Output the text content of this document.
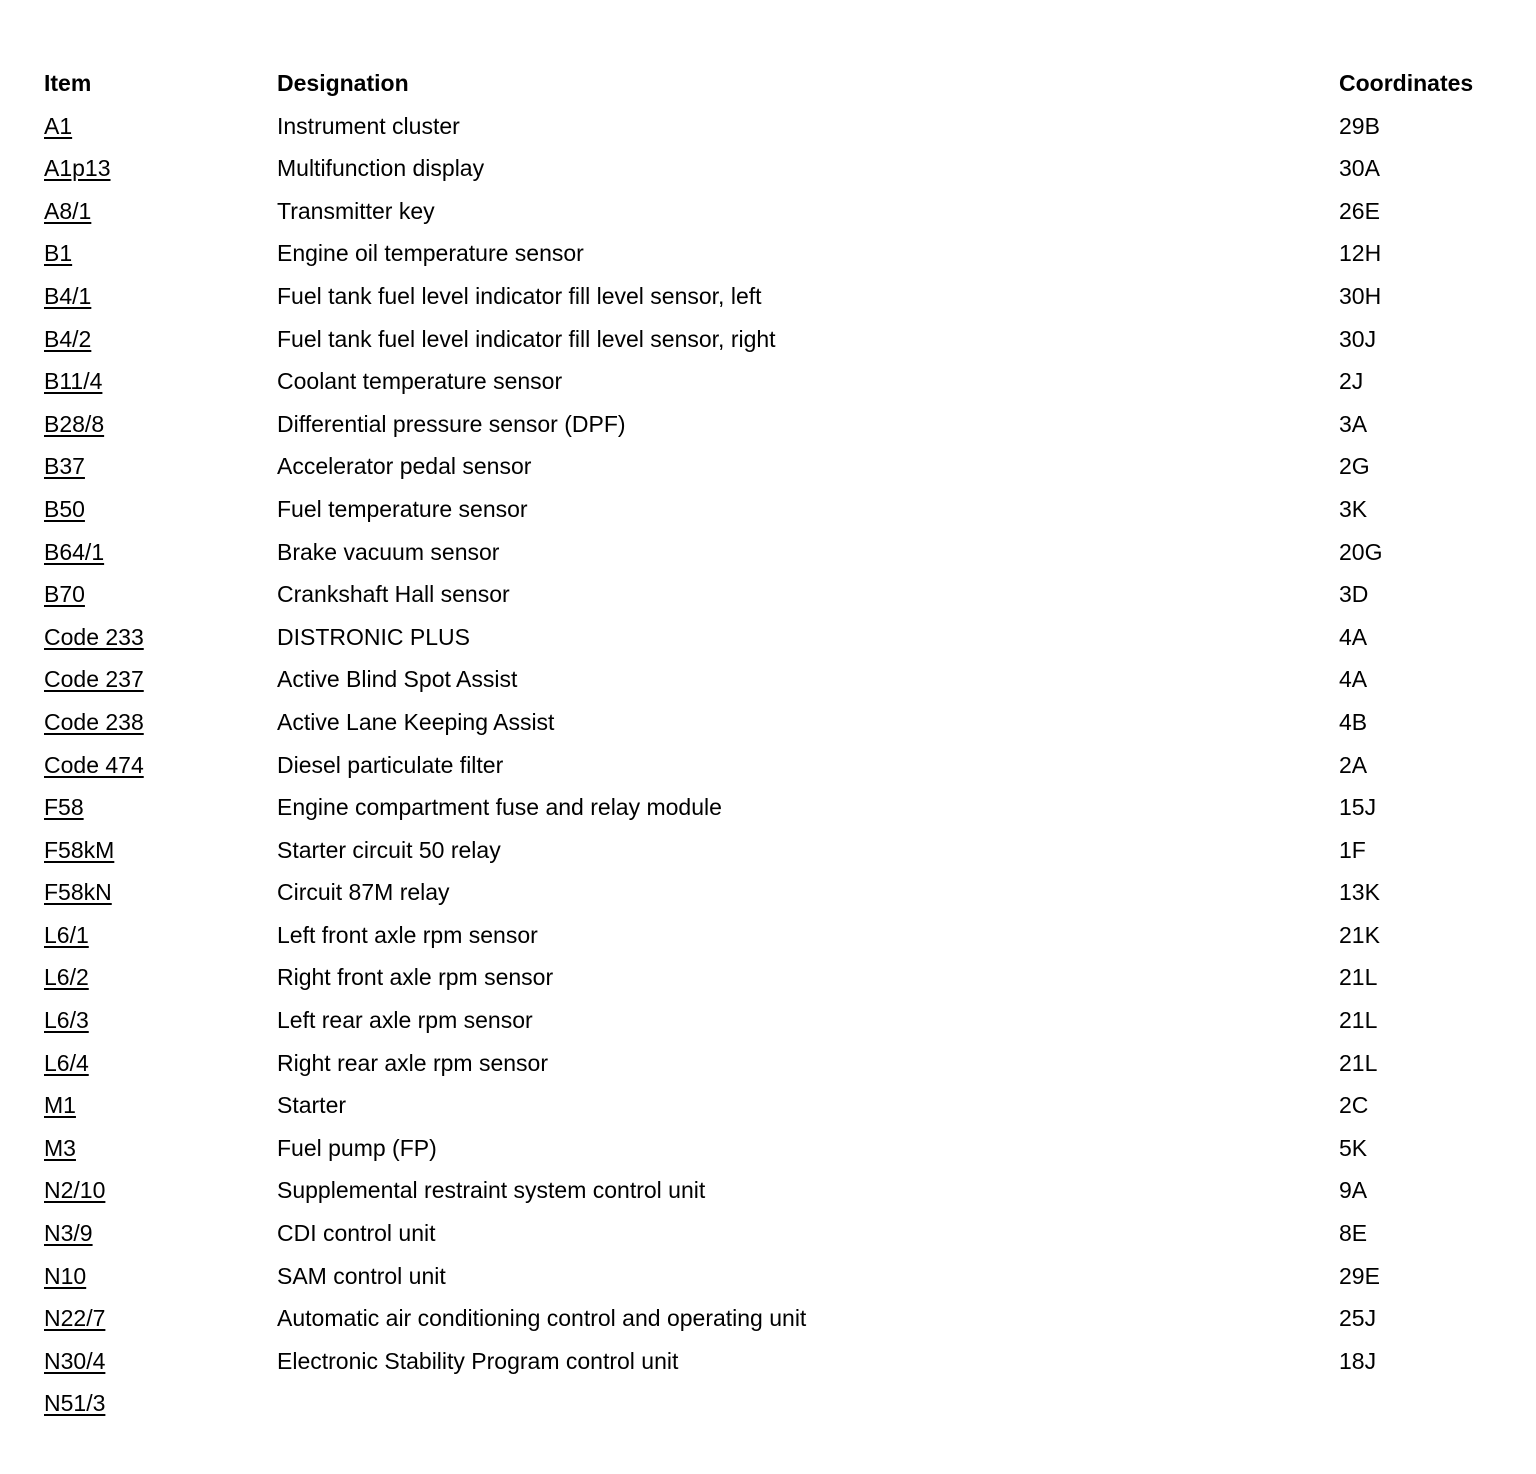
Item	Designation	Coordinates
A1	Instrument cluster	29B
A1p13	Multifunction display	30A
A8/1	Transmitter key	26E
B1	Engine oil temperature sensor	12H
B4/1	Fuel tank fuel level indicator fill level sensor, left	30H
B4/2	Fuel tank fuel level indicator fill level sensor, right	30J
B11/4	Coolant temperature sensor	2J
B28/8	Differential pressure sensor (DPF)	3A
B37	Accelerator pedal sensor	2G
B50	Fuel temperature sensor	3K
B64/1	Brake vacuum sensor	20G
B70	Crankshaft Hall sensor	3D
Code 233	DISTRONIC PLUS	4A
Code 237	Active Blind Spot Assist	4A
Code 238	Active Lane Keeping Assist	4B
Code 474	Diesel particulate filter	2A
F58	Engine compartment fuse and relay module	15J
F58kM	Starter circuit 50 relay	1F
F58kN	Circuit 87M relay	13K
L6/1	Left front axle rpm sensor	21K
L6/2	Right front axle rpm sensor	21L
L6/3	Left rear axle rpm sensor	21L
L6/4	Right rear axle rpm sensor	21L
M1	Starter	2C
M3	Fuel pump (FP)	5K
N2/10	Supplemental restraint system control unit	9A
N3/9	CDI control unit	8E
N10	SAM control unit	29E
N22/7	Automatic air conditioning control and operating unit	25J
N30/4	Electronic Stability Program control unit	18J
N51/3
